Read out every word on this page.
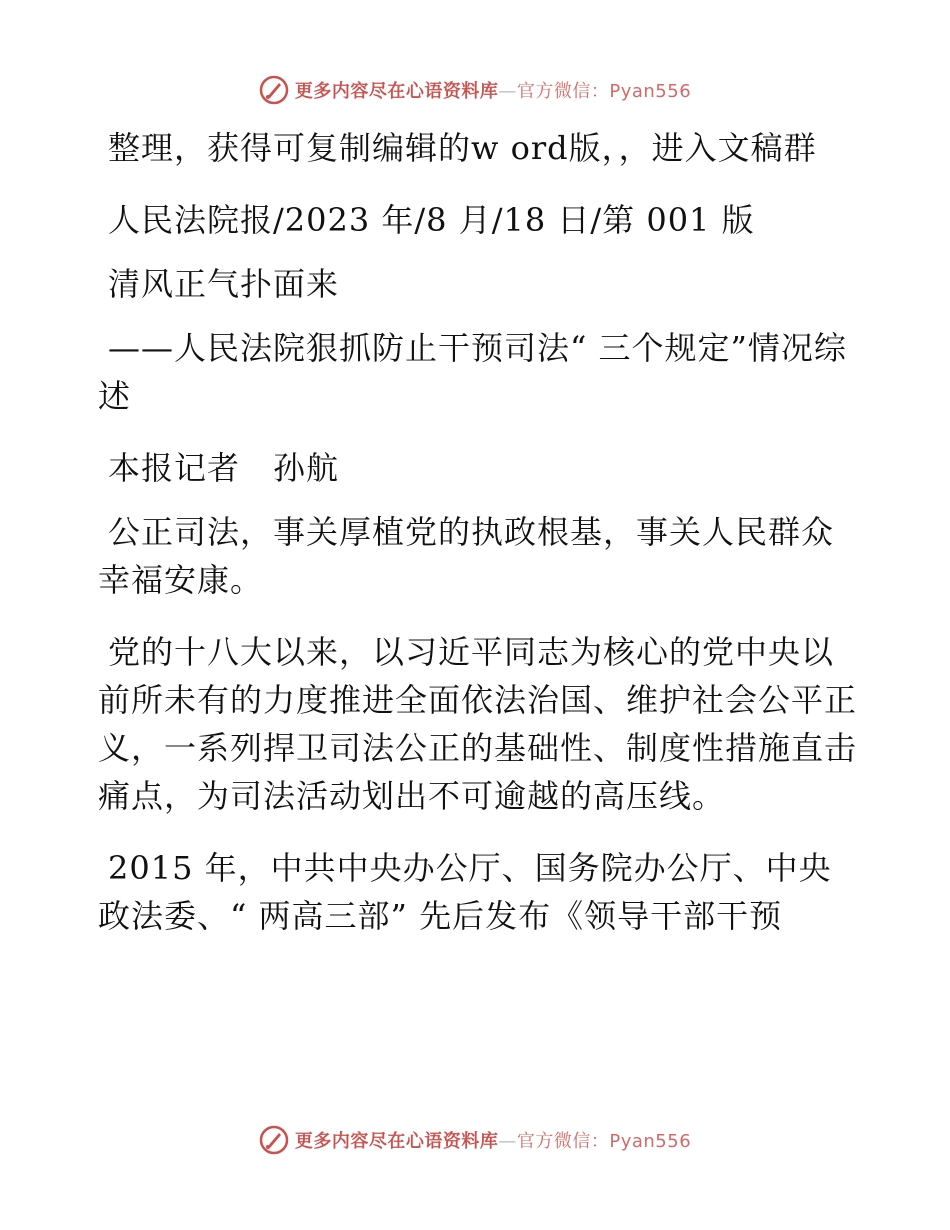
更多内容尽在心语资料库—官方微信：Pyan556

整理，获得可复制编辑的w ord版，，进入文稿群

人民法院报/2023 年/8 月/18 日/第 001 版

清风正气扑面来

——人民法院狠抓防止干预司法“ 三个规定”情况综述

本报记者　孙航

公正司法，事关厚植党的执政根基，事关人民群众幸福安康。

党的十八大以来，以习近平同志为核心的党中央以前所未有的力度推进全面依法治国、维护社会公平正义，一系列捍卫司法公正的基础性、制度性措施直击痛点，为司法活动划出不可逾越的高压线。

2015 年，中共中央办公厅、国务院办公厅、中央政法委、“ 两高三部” 先后发布《领导干部干预

更多内容尽在心语资料库—官方微信：Pyan556
